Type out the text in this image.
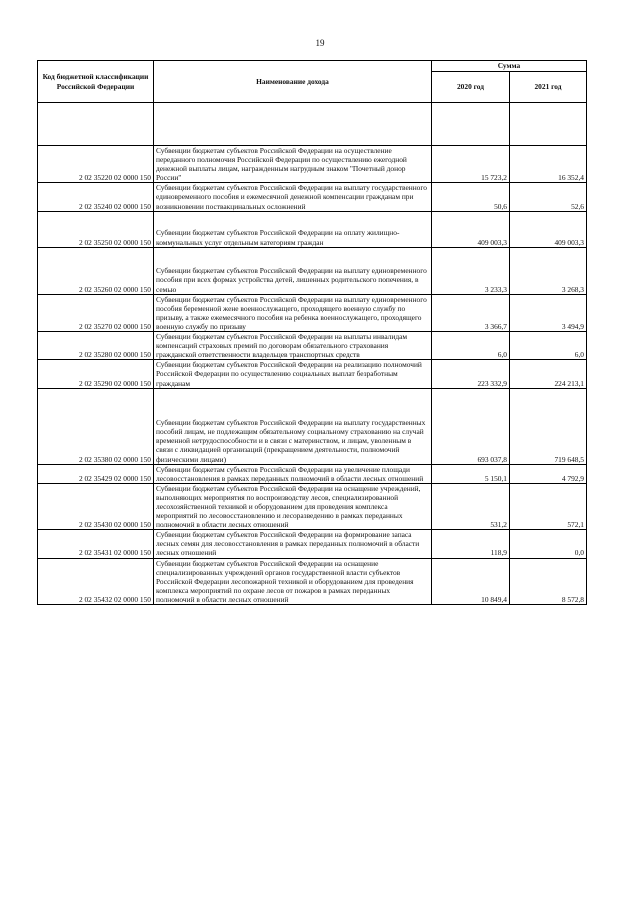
19
Код бюджетной классификации Российской Федерации	Наименование дохода	Сумма	
		2020 год	2021 год

2 02 35220 02 0000 150	Субвенции бюджетам субъектов Российской Федерации на осуществление переданного полномочия Российской Федерации по осуществлению ежегодной денежной выплаты лицам, награжденным нагрудным знаком "Почетный донор России"	15 723,2	16 352,4
2 02 35240 02 0000 150	Субвенции бюджетам субъектов Российской Федерации на выплату государственного единовременного пособия и ежемесячной денежной компенсации гражданам при возникновении поствакцинальных осложнений	50,6	52,6
2 02 35250 02 0000 150	Субвенции бюджетам субъектов Российской Федерации на оплату жилищно-коммунальных услуг отдельным категориям граждан	409 003,3	409 003,3
2 02 35260 02 0000 150	Субвенции бюджетам субъектов Российской Федерации на выплату единовременного пособия при всех формах устройства детей, лишенных родительского попечения, в семью	3 233,3	3 268,3
2 02 35270 02 0000 150	Субвенции бюджетам субъектов Российской Федерации на выплату единовременного пособия беременной жене военнослужащего, проходящего военную службу по призыву, а также ежемесячного пособия на ребенка военнослужащего, проходящего военную службу по призыву	3 366,7	3 494,9
2 02 35280 02 0000 150	Субвенции бюджетам субъектов Российской Федерации на выплаты инвалидам компенсаций страховых премий по договорам обязательного страхования гражданской ответственности владельцев транспортных средств	6,0	6,0
2 02 35290 02 0000 150	Субвенции бюджетам субъектов Российской Федерации на реализацию полномочий Российской Федерации по осуществлению социальных выплат безработным гражданам	223 332,9	224 213,1
2 02 35380 02 0000 150	Субвенции бюджетам субъектов Российской Федерации на выплату государственных пособий лицам, не подлежащим обязательному социальному страхованию на случай временной нетрудоспособности и в связи с материнством, и лицам, уволенным в связи с ликвидацией организаций (прекращением деятельности, полномочий физическими лицами)	693 037,8	719 648,5
2 02 35429 02 0000 150	Субвенции бюджетам субъектов Российской Федерации на увеличение площади лесовосстановления в рамках переданных полномочий в области лесных отношений	5 150,1	4 792,9
2 02 35430 02 0000 150	Субвенции бюджетам субъектов Российской Федерации на оснащение учреждений, выполняющих мероприятия по воспроизводству лесов, специализированной лесохозяйственной техникой и оборудованием для проведения комплекса мероприятий по лесовосстановлению и лесоразведению в рамках переданных полномочий в области лесных отношений	531,2	572,1
2 02 35431 02 0000 150	Субвенции бюджетам субъектов Российской Федерации на формирование запаса лесных семян для лесовосстановления в рамках переданных полномочий в области лесных отношений	118,9	0,0
2 02 35432 02 0000 150	Субвенции бюджетам субъектов Российской Федерации на оснащение специализированных учреждений органов государственной власти субъектов Российской Федерации лесопожарной техникой и оборудованием для проведения комплекса мероприятий по охране лесов от пожаров в рамках переданных полномочий в области лесных отношений	10 849,4	8 572,8
